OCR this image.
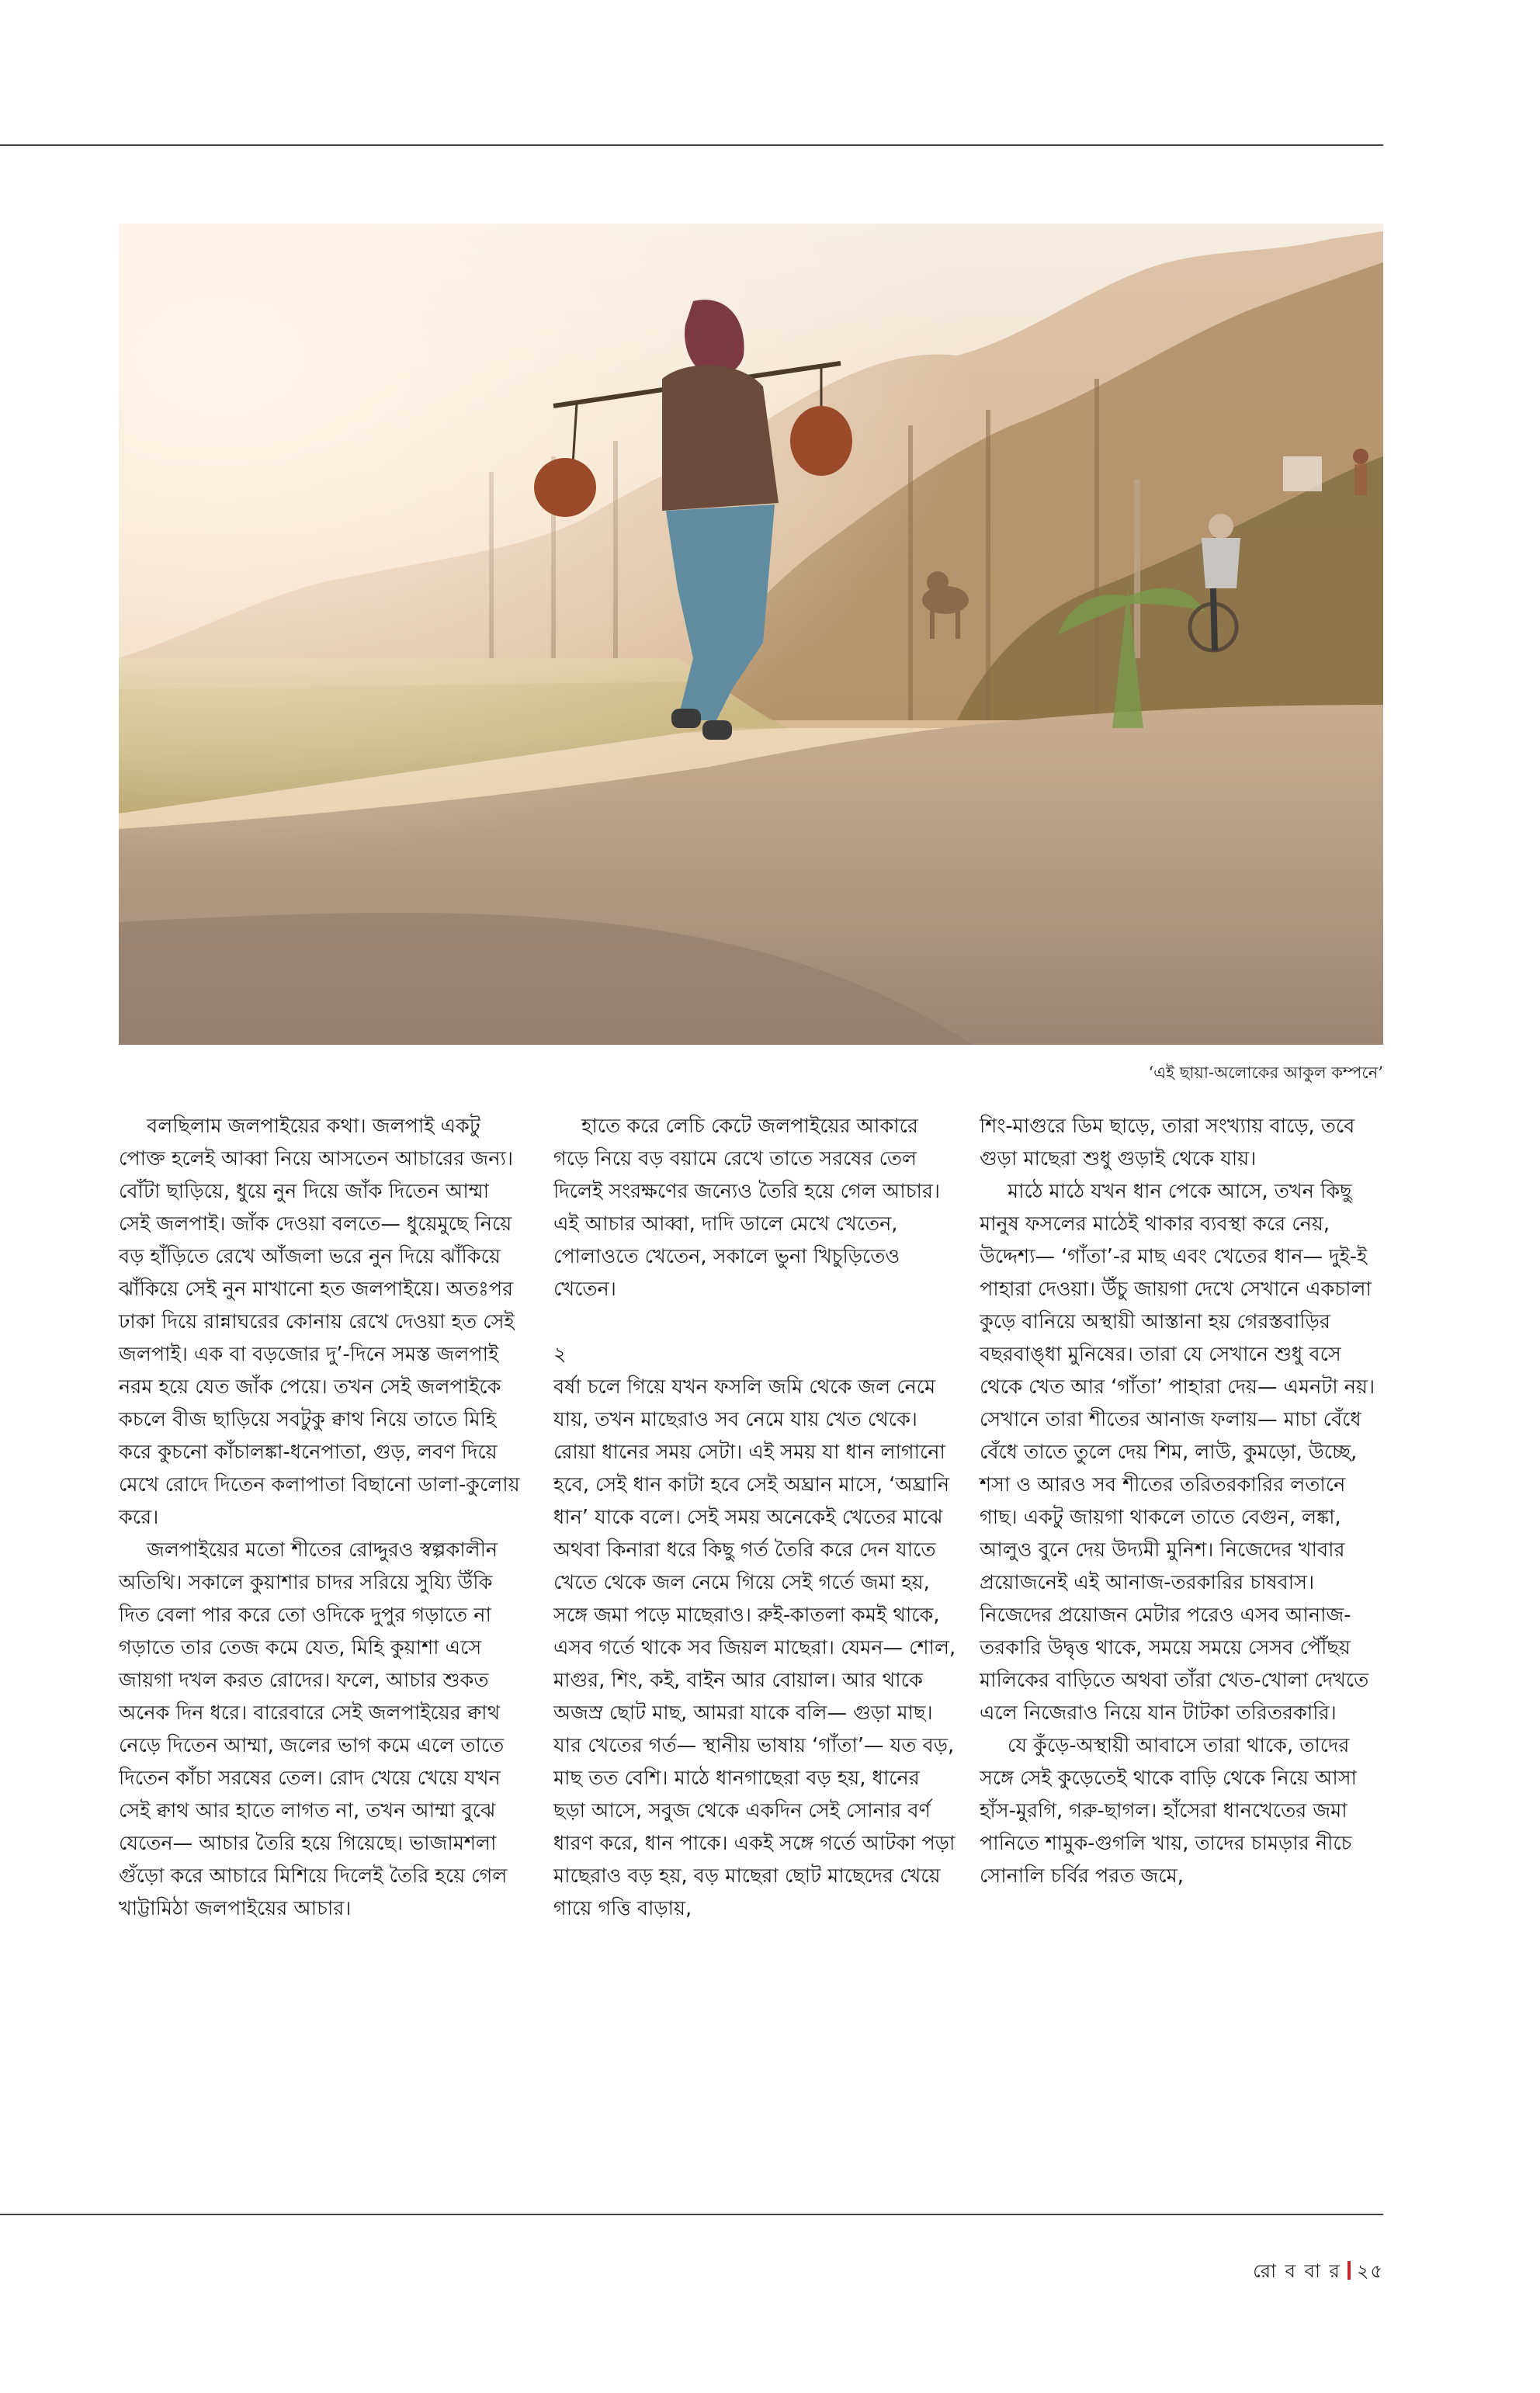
‘এই ছায়া-অলোকের আকুল কম্পনে’

বলছিলাম জলপাইয়ের কথা। জলপাই একটু পোক্ত হলেই আব্বা নিয়ে আসতেন আচারের জন্য। বোঁটা ছাড়িয়ে, ধুয়ে নুন দিয়ে জাঁক দিতেন আম্মা সেই জলপাই। জাঁক দেওয়া বলতে— ধুয়েমুছে নিয়ে বড় হাঁড়িতে রেখে আঁজলা ভরে নুন দিয়ে ঝাঁকিয়ে ঝাঁকিয়ে সেই নুন মাখানো হত জলপাইয়ে। অতঃপর ঢাকা দিয়ে রান্নাঘরের কোনায় রেখে দেওয়া হত সেই জলপাই। এক বা বড়জোর দু’-দিনে সমস্ত জলপাই নরম হয়ে যেত জাঁক পেয়ে। তখন সেই জলপাইকে কচলে বীজ ছাড়িয়ে সবটুকু ক্বাথ নিয়ে তাতে মিহি করে কুচনো কাঁচালঙ্কা-ধনেপাতা, গুড়, লবণ দিয়ে মেখে রোদে দিতেন কলাপাতা বিছানো ডালা-কুলোয় করে।

জলপাইয়ের মতো শীতের রোদ্দুরও স্বল্পকালীন অতিথি। সকালে কুয়াশার চাদর সরিয়ে সুয্যি উঁকি দিত বেলা পার করে তো ওদিকে দুপুর গড়াতে না গড়াতে তার তেজ কমে যেত, মিহি কুয়াশা এসে জায়গা দখল করত রোদের। ফলে, আচার শুকত অনেক দিন ধরে। বারেবারে সেই জলপাইয়ের ক্বাথ নেড়ে দিতেন আম্মা, জলের ভাগ কমে এলে তাতে দিতেন কাঁচা সরষের তেল। রোদ খেয়ে খেয়ে যখন সেই ক্বাথ আর হাতে লাগত না, তখন আম্মা বুঝে যেতেন— আচার তৈরি হয়ে গিয়েছে। ভাজামশলা গুঁড়ো করে আচারে মিশিয়ে দিলেই তৈরি হয়ে গেল খাট্টামিঠা জলপাইয়ের আচার।

হাতে করে লেচি কেটে জলপাইয়ের আকারে গড়ে নিয়ে বড় বয়ামে রেখে তাতে সরষের তেল দিলেই সংরক্ষণের জন্যেও তৈরি হয়ে গেল আচার। এই আচার আব্বা, দাদি ডালে মেখে খেতেন, পোলাওতে খেতেন, সকালে ভুনা খিচুড়িতেও খেতেন।

২

বর্ষা চলে গিয়ে যখন ফসলি জমি থেকে জল নেমে যায়, তখন মাছেরাও সব নেমে যায় খেত থেকে। রোয়া ধানের সময় সেটা। এই সময় যা ধান লাগানো হবে, সেই ধান কাটা হবে সেই অঘ্রান মাসে, ‘অঘ্রানি ধান’ যাকে বলে। সেই সময় অনেকেই খেতের মাঝে অথবা কিনারা ধরে কিছু গর্ত তৈরি করে দেন যাতে খেতে থেকে জল নেমে গিয়ে সেই গর্তে জমা হয়, সঙ্গে জমা পড়ে মাছেরাও। রুই-কাতলা কমই থাকে, এসব গর্তে থাকে সব জিয়ল মাছেরা। যেমন— শোল, মাগুর, শিং, কই, বাইন আর বোয়াল। আর থাকে অজস্র ছোট মাছ, আমরা যাকে বলি— গুড়া মাছ। যার খেতের গর্ত— স্থানীয় ভাষায় ‘গাঁতা’— যত বড়, মাছ তত বেশি। মাঠে ধানগাছেরা বড় হয়, ধানের ছড়া আসে, সবুজ থেকে একদিন সেই সোনার বর্ণ ধারণ করে, ধান পাকে। একই সঙ্গে গর্তে আটকা পড়া মাছেরাও বড় হয়, বড় মাছেরা ছোট মাছেদের খেয়ে গায়ে গত্তি বাড়ায়,

শিং-মাগুরে ডিম ছাড়ে, তারা সংখ্যায় বাড়ে, তবে গুড়া মাছেরা শুধু গুড়াই থেকে যায়।

মাঠে মাঠে যখন ধান পেকে আসে, তখন কিছু মানুষ ফসলের মাঠেই থাকার ব্যবস্থা করে নেয়, উদ্দেশ্য— ‘গাঁতা’-র মাছ এবং খেতের ধান— দুই-ই পাহারা দেওয়া। উঁচু জায়গা দেখে সেখানে একচালা কুড়ে বানিয়ে অস্থায়ী আস্তানা হয় গেরস্তবাড়ির বছরবাঙ্ধা মুনিষের। তারা যে সেখানে শুধু বসে থেকে খেত আর ‘গাঁতা’ পাহারা দেয়— এমনটা নয়। সেখানে তারা শীতের আনাজ ফলায়— মাচা বেঁধে বেঁধে তাতে তুলে দেয় শিম, লাউ, কুমড়ো, উচ্ছে, শসা ও আরও সব শীতের তরিতরকারির লতানে গাছ। একটু জায়গা থাকলে তাতে বেগুন, লঙ্কা, আলুও বুনে দেয় উদ্যমী মুনিশ। নিজেদের খাবার প্রয়োজনেই এই আনাজ-তরকারির চাষবাস। নিজেদের প্রয়োজন মেটার পরেও এসব আনাজ-তরকারি উদ্বৃত্ত থাকে, সময়ে সময়ে সেসব পৌঁছয় মালিকের বাড়িতে অথবা তাঁরা খেত-খোলা দেখতে এলে নিজেরাও নিয়ে যান টাটকা তরিতরকারি।

যে কুঁড়ে-অস্থায়ী আবাসে তারা থাকে, তাদের সঙ্গে সেই কুড়েতেই থাকে বাড়ি থেকে নিয়ে আসা হাঁস-মুরগি, গরু-ছাগল। হাঁসেরা ধানখেতের জমা পানিতে শামুক-গুগলি খায়, তাদের চামড়ার নীচে সোনালি চর্বির পরত জমে,

রো ব বা র ২৫
